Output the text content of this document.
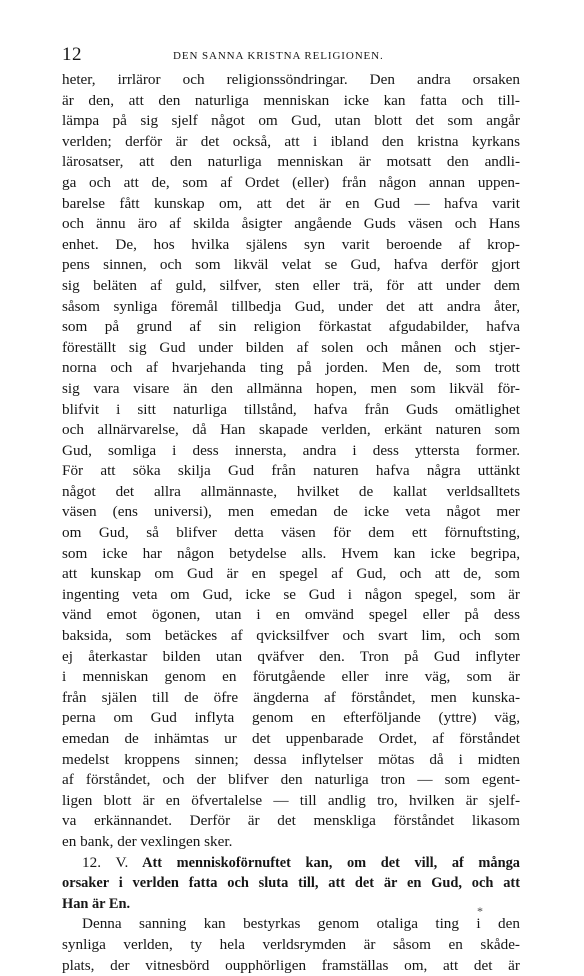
12	DEN SANNA KRISTNA RELIGIONEN.
heter, irrläror och religionssöndringar. Den andra orsaken
är den, att den naturliga menniskan icke kan fatta och till-
lämpa på sig sjelf något om Gud, utan blott det som angår
verlden; derför är det också, att i ibland den kristna kyrkans
lärosatser, att den naturliga menniskan är motsatt den andli-
ga och att de, som af Ordet (eller) från någon annan uppen-
barelse fått kunskap om, att det är en Gud — hafva varit
och ännu äro af skilda åsigter angående Guds väsen och Hans
enhet. De, hos hvilka själens syn varit beroende af krop-
pens sinnen, och som likväl velat se Gud, hafva derför gjort
sig beläten af guld, silfver, sten eller trä, för att under dem
såsom synliga föremål tillbedja Gud, under det att andra åter,
som på grund af sin religion förkastat afgudabilder, hafva
föreställt sig Gud under bilden af solen och månen och stjer-
norna och af hvarjehanda ting på jorden. Men de, som trott
sig vara visare än den allmänna hopen, men som likväl för-
blifvit i sitt naturliga tillstånd, hafva från Guds omätlighet
och allnärvarelse, då Han skapade verlden, erkänt naturen som
Gud, somliga i dess innersta, andra i dess yttersta former.
För att söka skilja Gud från naturen hafva några uttänkt
något det allra allmännaste, hvilket de kallat verldsalltets
väsen (ens universi), men emedan de icke veta något mer
om Gud, så blifver detta väsen för dem ett förnuftsting,
som icke har någon betydelse alls. Hvem kan icke begripa,
att kunskap om Gud är en spegel af Gud, och att de, som
ingenting veta om Gud, icke se Gud i någon spegel, som är
vänd emot ögonen, utan i en omvänd spegel eller på dess
baksida, som betäckes af qvicksilfver och svart lim, och som
ej återkastar bilden utan qväfver den. Tron på Gud inflyter
i menniskan genom en förutgående eller inre väg, som är
från själen till de öfre ängderna af förståndet, men kunska-
perna om Gud inflyta genom en efterföljande (yttre) väg,
emedan de inhämtas ur det uppenbarade Ordet, af förståndet
medelst kroppens sinnen; dessa inflytelser mötas då i midten
af förståndet, och der blifver den naturliga tron — som egent-
ligen blott är en öfvertalelse — till andlig tro, hvilken är sjelf-
va erkännandet. Derför är det menskliga förståndet likasom
en bank, der vexlingen sker.
12. V. Att menniskoförnuftet kan, om det vill, af många
orsaker i verlden fatta och sluta till, att det är en Gud, och att
Han är En.
Denna sanning kan bestyrkas genom otaliga ting i den
synliga verlden, ty hela verldsrymden är såsom en skåde-
plats, der vitnesbörd oupphörligen framställas om, att det är
*
